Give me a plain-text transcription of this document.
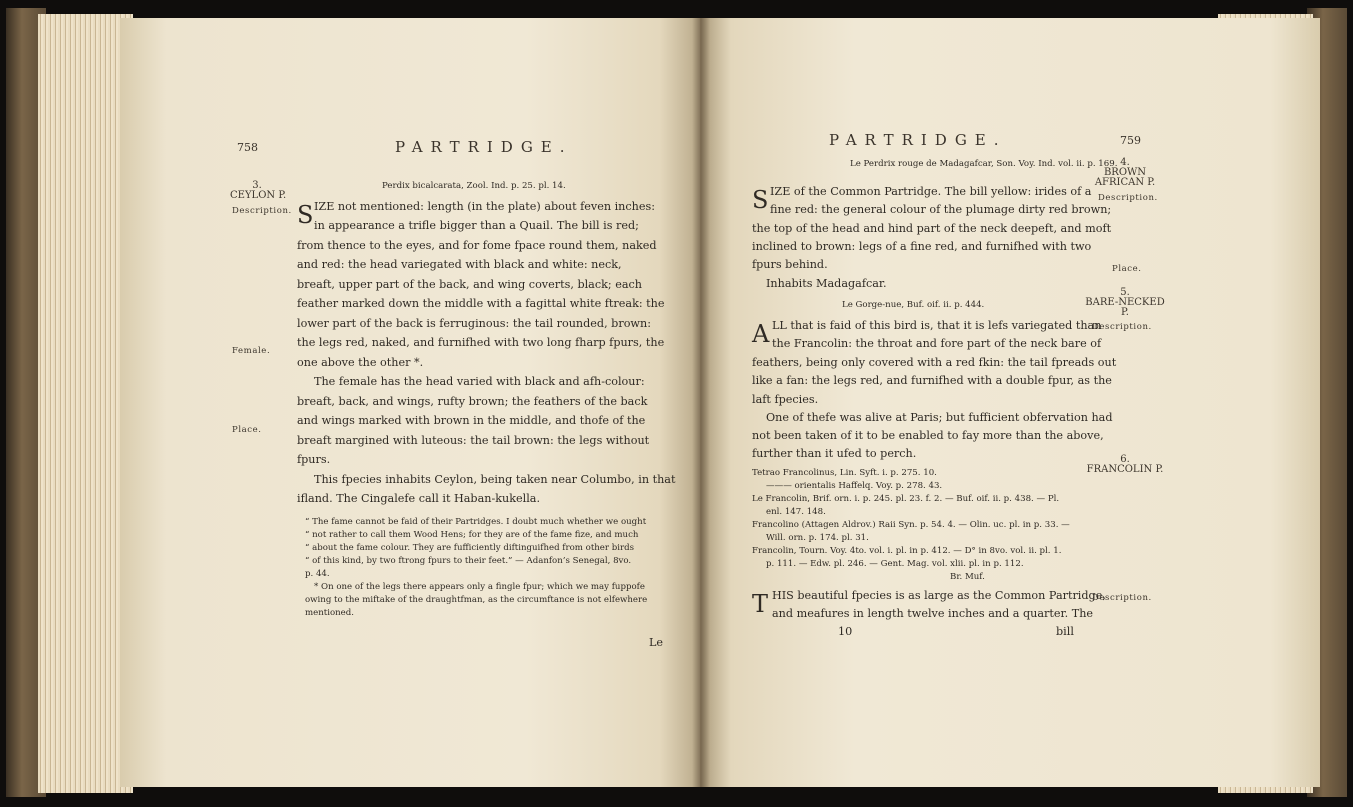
758	PARTRIDGE.
3.
CEYLON P.
Description.
Female.
Place.
Perdix bicalcarata, Zool. Ind. p. 25. pl. 14.
S IZE not mentioned: length (in the plate) about feven inches:
in appearance a trifle bigger than a Quail. The bill is red;
from thence to the eyes, and for fome fpace round them, naked
and red: the head variegated with black and white: neck,
breaft, upper part of the back, and wing coverts, black; each
feather marked down the middle with a fagittal white ftreak: the
lower part of the back is ferruginous: the tail rounded, brown:
the legs red, naked, and furnifhed with two long fharp fpurs, the
one above the other *.
The female has the head varied with black and afh-colour:
breaft, back, and wings, rufty brown; the feathers of the back
and wings marked with brown in the middle, and thofe of the
breaft margined with luteous: the tail brown: the legs without
fpurs.
This fpecies inhabits Ceylon, being taken near Columbo, in that
ifland. The Cingalefe call it Haban-kukella.
“ The fame cannot be faid of their Partridges. I doubt much whether we ought
“ not rather to call them Wood Hens; for they are of the fame fize, and much
“ about the fame colour. They are fufficiently diftinguifhed from other birds
“ of this kind, by two ftrong fpurs to their feet.” — Adanfon’s Senegal, 8vo.
p. 44.
* On one of the legs there appears only a fingle fpur; which we may fuppofe
owing to the miftake of the draughtfman, as the circumftance is not elfewhere
mentioned.
Le
PARTRIDGE.	759
Le Perdrix rouge de Madagafcar, Son. Voy. Ind. vol. ii. p. 169. 4.
BROWN
AFRICAN P.
Description.
Place.
S IZE of the Common Partridge. The bill yellow: irides of a
fine red: the general colour of the plumage dirty red brown;
the top of the head and hind part of the neck deepeft, and moft
inclined to brown: legs of a fine red, and furnifhed with two
fpurs behind.
Inhabits Madagafcar.
Le Gorge-nue, Buf. oif. ii. p. 444.
5.
BARE-NECKED
P.
Description.
A LL that is faid of this bird is, that it is lefs variegated than
the Francolin: the throat and fore part of the neck bare of
feathers, being only covered with a red fkin: the tail fpreads out
like a fan: the legs red, and furnifhed with a double fpur, as the
laft fpecies.
One of thefe was alive at Paris; but fufficient obfervation had
not been taken of it to be enabled to fay more than the above,
further than it ufed to perch.	6.
FRANCOLIN P.
Description.
Tetrao Francolinus, Lin. Syft. i. p. 275. 10.
——— orientalis Haffelq. Voy. p. 278. 43.
Le Francolin, Brif. orn. i. p. 245. pl. 23. f. 2. — Buf. oif. ii. p. 438. — Pl.
enl. 147. 148.
Francolino (Attagen Aldrov.) Raii Syn. p. 54. 4. — Olin. uc. pl. in p. 33. —
Will. orn. p. 174. pl. 31.
Francolin, Tourn. Voy. 4to. vol. i. pl. in p. 412. — D° in 8vo. vol. ii. pl. 1.
p. 111. — Edw. pl. 246. — Gent. Mag. vol. xlii. pl. in p. 112.
Br. Muf.
T HIS beautiful fpecies is as large as the Common Partridge,
and meafures in length twelve inches and a quarter. The
10	bill
